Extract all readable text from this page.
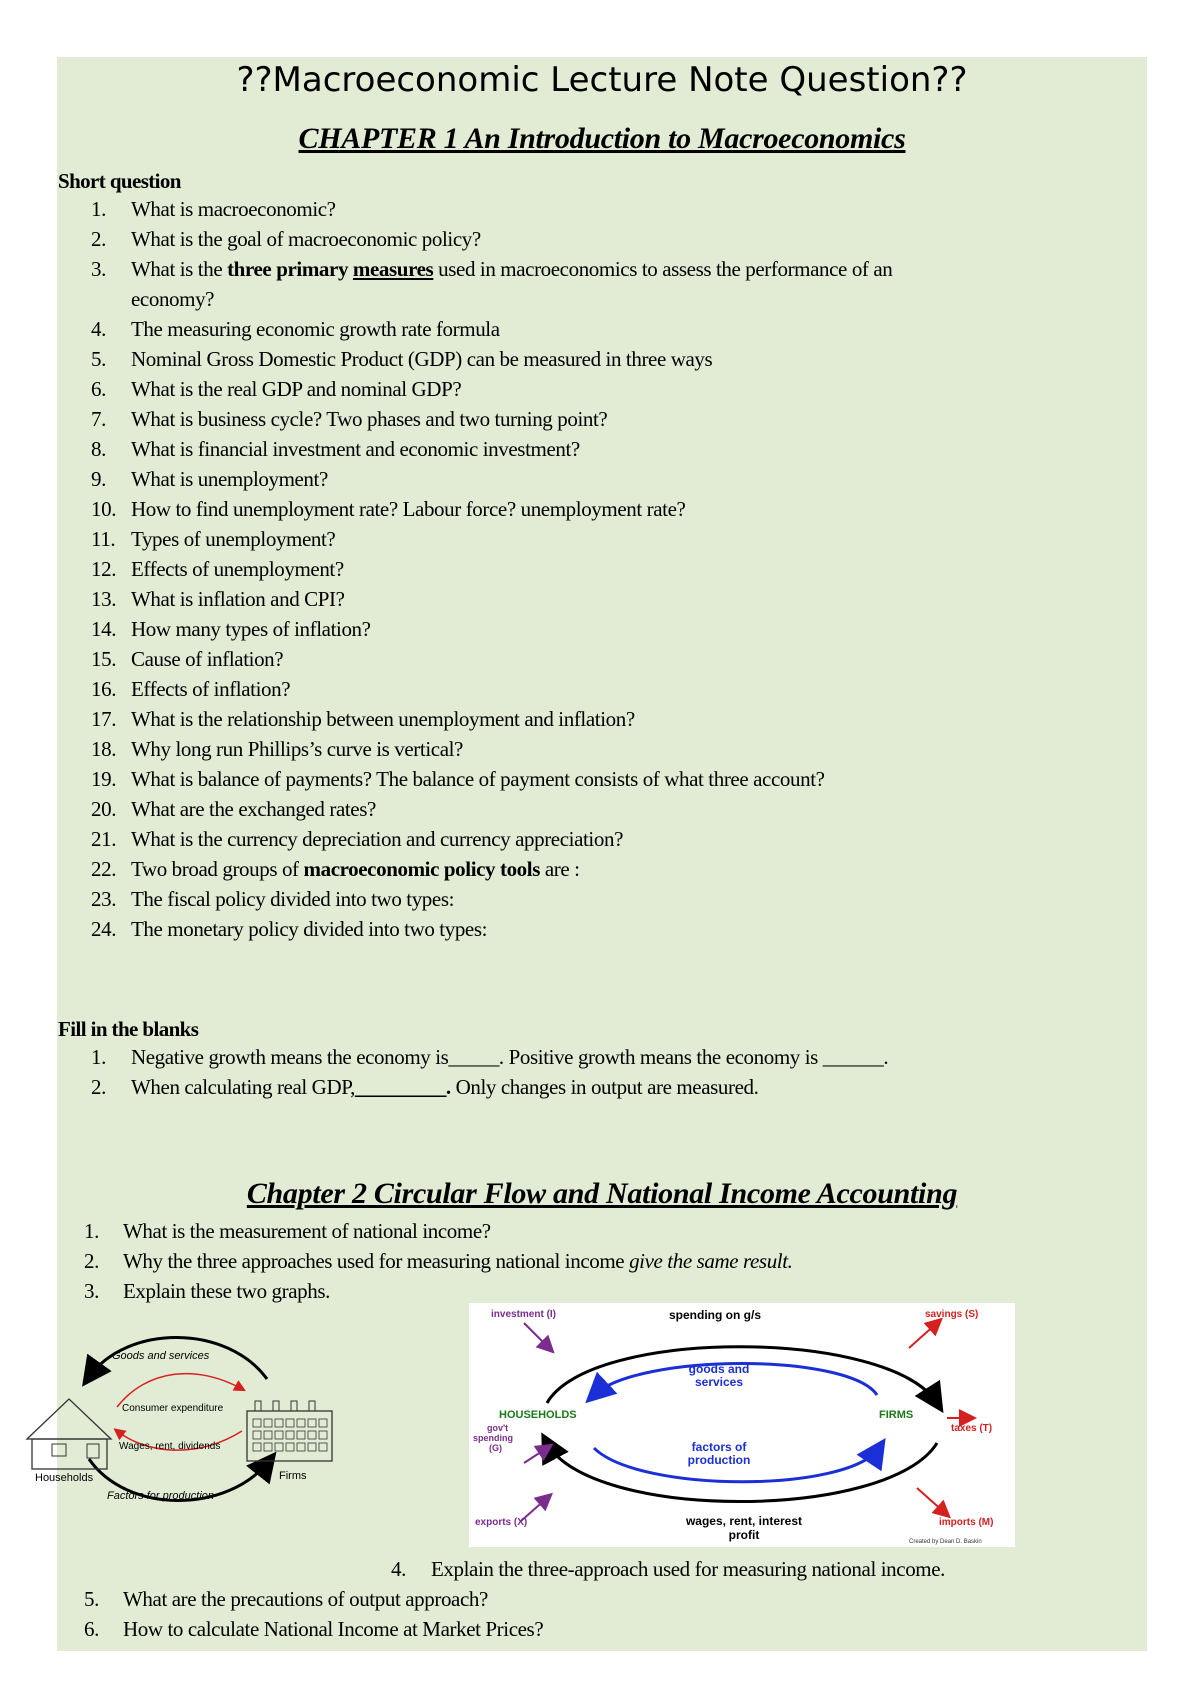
??Macroeconomic Lecture Note Question??
CHAPTER 1 An Introduction to Macroeconomics
Short question
1.	What is macroeconomic?
2.	What is the goal of macroeconomic policy?
3.	What is the three primary measures used in macroeconomics to assess the performance of an
economy?
4.	The measuring economic growth rate formula
5.	Nominal Gross Domestic Product (GDP) can be measured in three ways
6.	What is the real GDP and nominal GDP?
7.	What is business cycle? Two phases and two turning point?
8.	What is financial investment and economic investment?
9.	What is unemployment?
10. How to find unemployment rate? Labour force? unemployment rate?
11. Types of unemployment?
12. Effects of unemployment?
13. What is inflation and CPI?
14. How many types of inflation?
15. Cause of inflation?
16. Effects of inflation?
17. What is the relationship between unemployment and inflation?
18. Why long run Phillips’s curve is vertical?
19. What is balance of payments? The balance of payment consists of what three account?
20. What are the exchanged rates?
21. What is the currency depreciation and currency appreciation?
22. Two broad groups of macroeconomic policy tools are :
23. The fiscal policy divided into two types:
24. The monetary policy divided into two types:
Fill in the blanks
1.	Negative growth means the economy is_____. Positive growth means the economy is ______.
2.	When calculating real GDP,_________. Only changes in output are measured.
Chapter 2 Circular Flow and National Income Accounting
1.	What is the measurement of national income?
2.	Why the three approaches used for measuring national income give the same result.
3.	Explain these two graphs.
Goods and services
Consumer expenditure
Wages, rent, dividends
Factors for production
Households	Firms
investment (I)	spending on g/s	savings (S)
goods and
services
HOUSEHOLDS	FIRMS
taxes (T)
gov't
spending
(G)	factors of
production
exports (X)	wages, rent, interest
profit
imports (M)
Created by Dean D. Baskin
4.	Explain the three-approach used for measuring national income.
5.	What are the precautions of output approach?
6.	How to calculate National Income at Market Prices?
